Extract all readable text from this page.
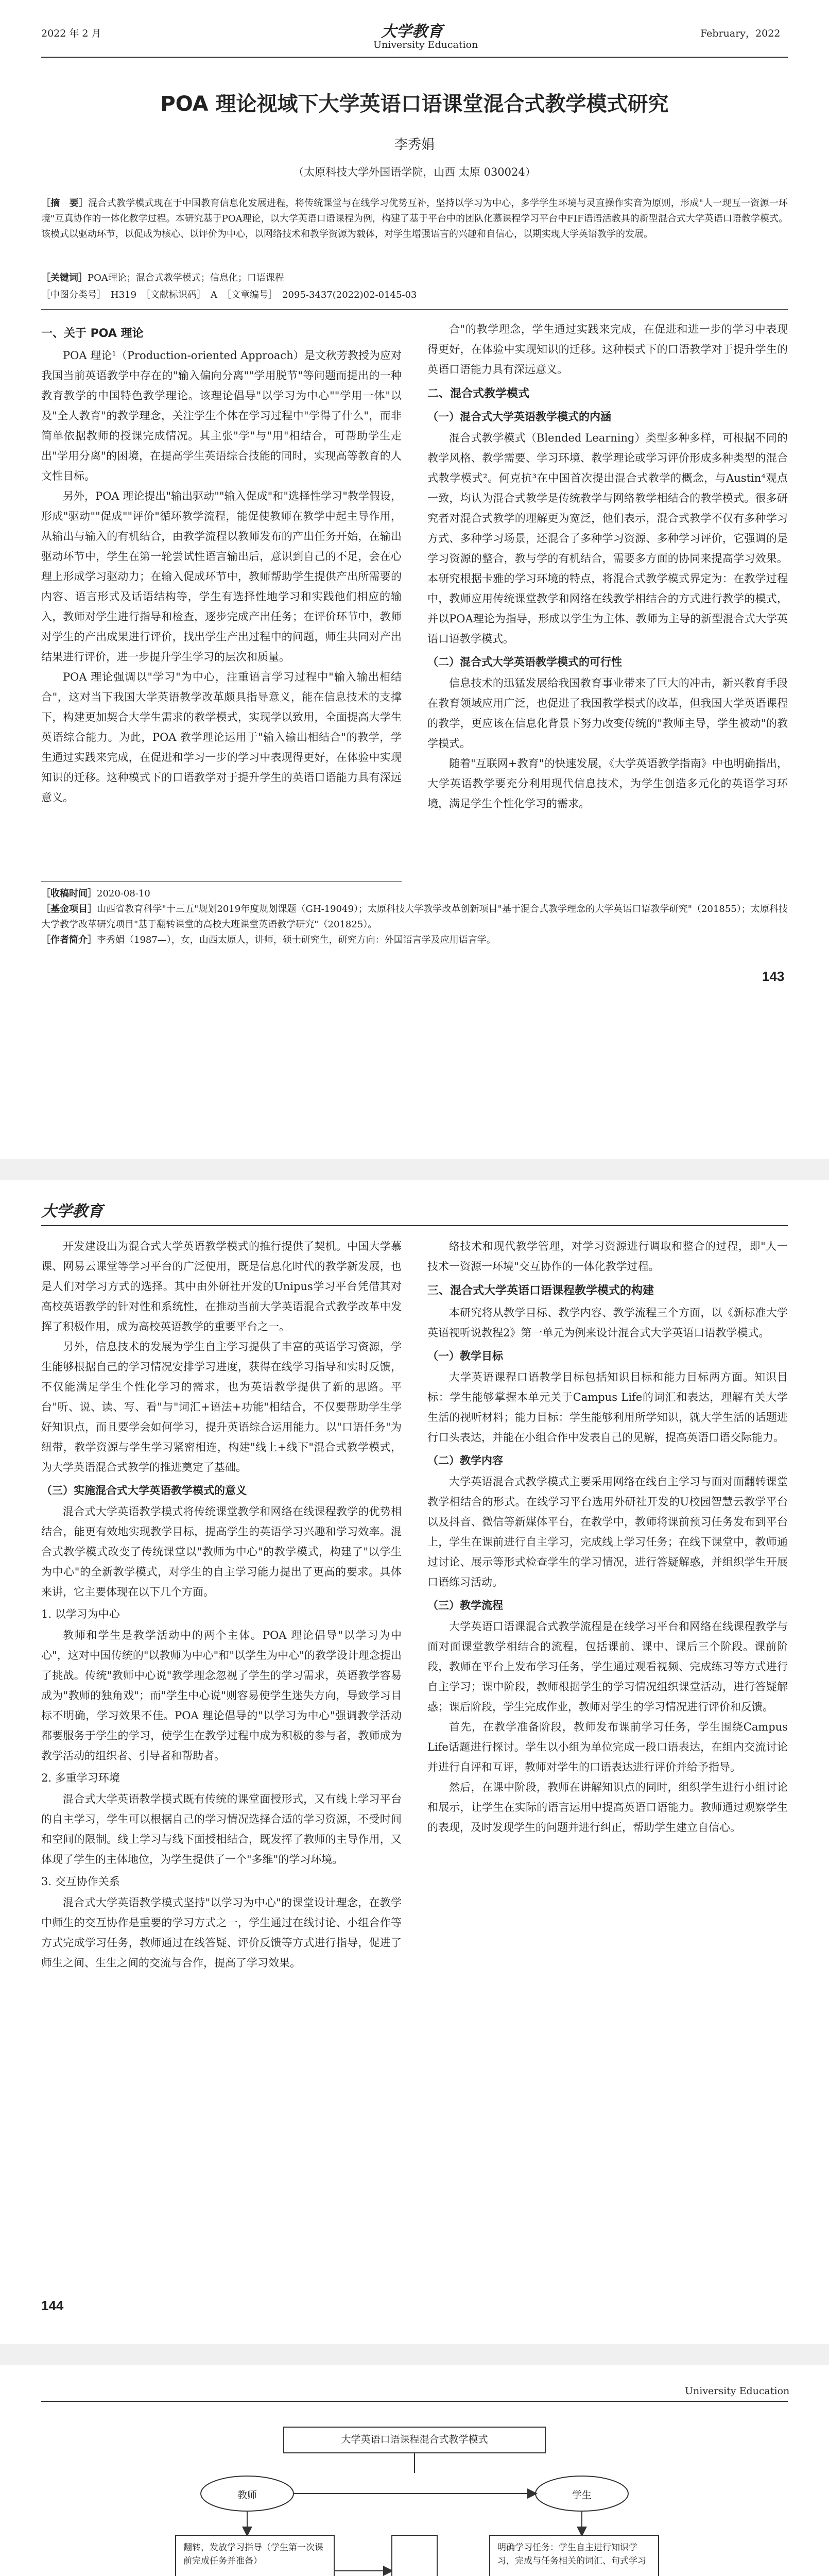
2022 年 2 月	大学教育
University Education
February，2022
POA 理论视域下大学英语口语课堂混合式教学模式研究
李秀娟
（太原科技大学外国语学院，山西 太原 030024）
［摘　要］混合式教学模式现在于中国教育信息化发展进程，将传统课堂与在线学习优势互补，坚持以学习为中心，多学学生环境与灵直操作实音为原则，形成"人一现互一资源一环境"互真协作的一体化教学过程。本研究基于POA理论，以大学英语口语课程为例，构建了基于平台中的团队化慕课程学习平台中FIF语语活教具的新型混合式大学英语口语教学模式。该模式以驱动环节，以促成为核心、以评价为中心，以网络技术和教学资源为载体，对学生增强语言的兴趣和自信心，以期实现大学英语教学的发展。
［关键词］POA理论；混合式教学模式；信息化；口语课程
［中图分类号］　H319　［文献标识码］　A　［文章编号］　2095-3437(2022)02-0145-03
一、关于 POA 理论

POA 理论¹（Production-oriented Approach）是文秋芳教授为应对我国当前英语教学中存在的"输入偏向分离""学用脱节"等问题而提出的一种教育教学的中国特色教学理论。该理论倡导"以学习为中心""学用一体"以及"全人教育"的教学理念，关注学生个体在学习过程中"学得了什么"，而非简单依据教师的授课完成情况。其主张"学"与"用"相结合，可帮助学生走出"学用分离"的困境，在提高学生英语综合技能的同时，实现高等教育的人文性目标。

另外，POA 理论提出"输出驱动""输入促成"和"选择性学习"教学假设，形成"驱动""促成""评价"循环教学流程，能促使教师在教学中起主导作用，从输出与输入的有机结合，由教学流程以教师发布的产出任务开始，在输出驱动环节中，学生在第一轮尝试性语言输出后，意识到自己的不足，会在心理上形成学习驱动力；在输入促成环节中，教师帮助学生提供产出所需要的内容、语言形式及话语结构等，学生有选择性地学习和实践他们相应的输入，教师对学生进行指导和检查，逐步完成产出任务；在评价环节中，教师对学生的产出成果进行评价，找出学生产出过程中的问题，师生共同对产出结果进行评价，进一步提升学生学习的层次和质量。

POA 理论强调以"学习"为中心，注重语言学习过程中"输入输出相结合"，这对当下我国大学英语教学改革颇具指导意义，能在信息技术的支撑下，构建更加契合大学生需求的教学模式，实现学以致用，全面提高大学生英语综合能力。为此，POA 教学理论运用于"输入输出相结合"的教学，学生通过实践来完成，在促进和学习一步的学习中表现得更好，在体验中实现知识的迁移。这种模式下的口语教学对于提升学生的英语口语能力具有深远意义。

合"的教学理念，学生通过实践来完成，在促进和进一步的学习中表现得更好，在体验中实现知识的迁移。这种模式下的口语教学对于提升学生的英语口语能力具有深远意义。

二、混合式教学模式
（一）混合式大学英语教学模式的内涵

混合式教学模式（Blended Learning）类型多种多样，可根据不同的教学风格、教学需要、学习环境、教学理论或学习评价形成多种类型的混合式教学模式²。何克抗³在中国首次提出混合式教学的概念，与Austin⁴观点一致，均认为混合式教学是传统教学与网络教学相结合的教学模式。很多研究者对混合式教学的理解更为宽泛，他们表示，混合式教学不仅有多种学习方式、多种学习场景，还混合了多种学习资源、多种学习评价，它强调的是学习资源的整合，教与学的有机结合，需要多方面的协同来提高学习效果。本研究根据卡雅的学习环境的特点，将混合式教学模式界定为：在教学过程中，教师应用传统课堂教学和网络在线教学相结合的方式进行教学的模式，并以POA理论为指导，形成以学生为主体、教师为主导的新型混合式大学英语口语教学模式。

（二）混合式大学英语教学模式的可行性

信息技术的迅猛发展给我国教育事业带来了巨大的冲击，新兴教育手段在教育领域应用广泛，也促进了我国教学模式的改革，但我国大学英语课程的教学，更应该在信息化背景下努力改变传统的"教师主导，学生被动"的教学模式。

随着"互联网+教育"的快速发展，《大学英语教学指南》中也明确指出，大学英语教学要充分利用现代信息技术，为学生创造多元化的英语学习环境，满足学生个性化学习的需求。

［收稿时间］2020-08-10
［基金项目］山西省教育科学"十三五"规划2019年度规划课题（GH-19049）；太原科技大学教学改革创新项目"基于混合式教学理念的大学英语口语教学研究"（201855）；太原科技大学教学改革研究项目"基于翻转课堂的高校大班课堂英语教学研究"（201825）。
［作者简介］李秀娟（1987—），女，山西太原人，讲师，硕士研究生，研究方向：外国语言学及应用语言学。
143
大学教育

开发建设出为混合式大学英语教学模式的推行提供了契机。中国大学慕课、网易云课堂等学习平台的广泛使用，既是信息化时代的教学新发展，也是人们对学习方式的选择。其中由外研社开发的Unipus学习平台凭借其对高校英语教学的针对性和系统性，在推动当前大学英语混合式教学改革中发挥了积极作用，成为高校英语教学的重要平台之一。

另外，信息技术的发展为学生自主学习提供了丰富的英语学习资源，学生能够根据自己的学习情况安排学习进度，获得在线学习指导和实时反馈，不仅能满足学生个性化学习的需求，也为英语教学提供了新的思路。平台"听、说、读、写、看"与"词汇+语法+功能"相结合，不仅要帮助学生学好知识点，而且要学会如何学习，提升英语综合运用能力。以"口语任务"为纽带，教学资源与学生学习紧密相连，构建"线上+线下"混合式教学模式，为大学英语混合式教学的推进奠定了基础。

（三）实施混合式大学英语教学模式的意义

混合式大学英语教学模式将传统课堂教学和网络在线课程教学的优势相结合，能更有效地实现教学目标，提高学生的英语学习兴趣和学习效率。混合式教学模式改变了传统课堂以"教师为中心"的教学模式，构建了"以学生为中心"的全新教学模式，对学生的自主学习能力提出了更高的要求。具体来讲，它主要体现在以下几个方面。

1. 以学习为中心

教师和学生是教学活动中的两个主体。POA 理论倡导"以学习为中心"，这对中国传统的"以教师为中心"和"以学生为中心"的教学设计理念提出了挑战。传统"教师中心说"教学理念忽视了学生的学习需求，英语教学容易成为"教师的独角戏"；而"学生中心说"则容易使学生迷失方向，导致学习目标不明确，学习效果不佳。POA 理论倡导的"以学习为中心"强调教学活动都要服务于学生的学习，使学生在教学过程中成为积极的参与者，教师成为教学活动的组织者、引导者和帮助者。

2. 多重学习环境

混合式大学英语教学模式既有传统的课堂面授形式，又有线上学习平台的自主学习，学生可以根据自己的学习情况选择合适的学习资源，不受时间和空间的限制。线上学习与线下面授相结合，既发挥了教师的主导作用，又体现了学生的主体地位，为学生提供了一个"多维"的学习环境。

3. 交互协作关系

混合式大学英语教学模式坚持"以学习为中心"的课堂设计理念，在教学中师生的交互协作是重要的学习方式之一，学生通过在线讨论、小组合作等方式完成学习任务，教师通过在线答疑、评价反馈等方式进行指导，促进了师生之间、生生之间的交流与合作，提高了学习效果。

络技术和现代教学管理，对学习资源进行调取和整合的过程，即"人一技术一资源一环境"交互协作的一体化教学过程。

三、混合式大学英语口语课程教学模式的构建

本研究将从教学目标、教学内容、教学流程三个方面，以《新标准大学英语视听说教程2》第一单元为例来设计混合式大学英语口语教学模式。

（一）教学目标

大学英语课程口语教学目标包括知识目标和能力目标两方面。知识目标：学生能够掌握本单元关于Campus Life的词汇和表达，理解有关大学生活的视听材料；能力目标：学生能够利用所学知识，就大学生活的话题进行口头表达，并能在小组合作中发表自己的见解，提高英语口语交际能力。

（二）教学内容

大学英语混合式教学模式主要采用网络在线自主学习与面对面翻转课堂教学相结合的形式。在线学习平台选用外研社开发的U校园智慧云教学平台以及抖音、微信等新媒体平台，在教学中，教师将课前预习任务发布到平台上，学生在课前进行自主学习，完成线上学习任务；在线下课堂中，教师通过讨论、展示等形式检查学生的学习情况，进行答疑解惑，并组织学生开展口语练习活动。

（三）教学流程

大学英语口语课混合式教学流程是在线学习平台和网络在线课程教学与面对面课堂教学相结合的流程，包括课前、课中、课后三个阶段。课前阶段，教师在平台上发布学习任务，学生通过观看视频、完成练习等方式进行自主学习；课中阶段，教师根据学生的学习情况组织课堂活动，进行答疑解惑；课后阶段，学生完成作业，教师对学生的学习情况进行评价和反馈。

首先，在教学准备阶段，教师发布课前学习任务，学生围绕Campus Life话题进行探讨。学生以小组为单位完成一段口语表达，在组内交流讨论并进行自评和互评，教师对学生的口语表达进行评价并给予指导。

然后，在课中阶段，教师在讲解知识点的同时，组织学生进行小组讨论和展示，让学生在实际的语言运用中提高英语口语能力。教师通过观察学生的表现，及时发现学生的问题并进行纠正，帮助学生建立自信心。

144
University Education
大学英语口语课程混合式教学模式
教师	学生
翻转，发放学习指导（学生第一次课前完成任务并准备）
明确学习任务：学生自主进行知识学习，完成与任务相关的词汇、句式学习
